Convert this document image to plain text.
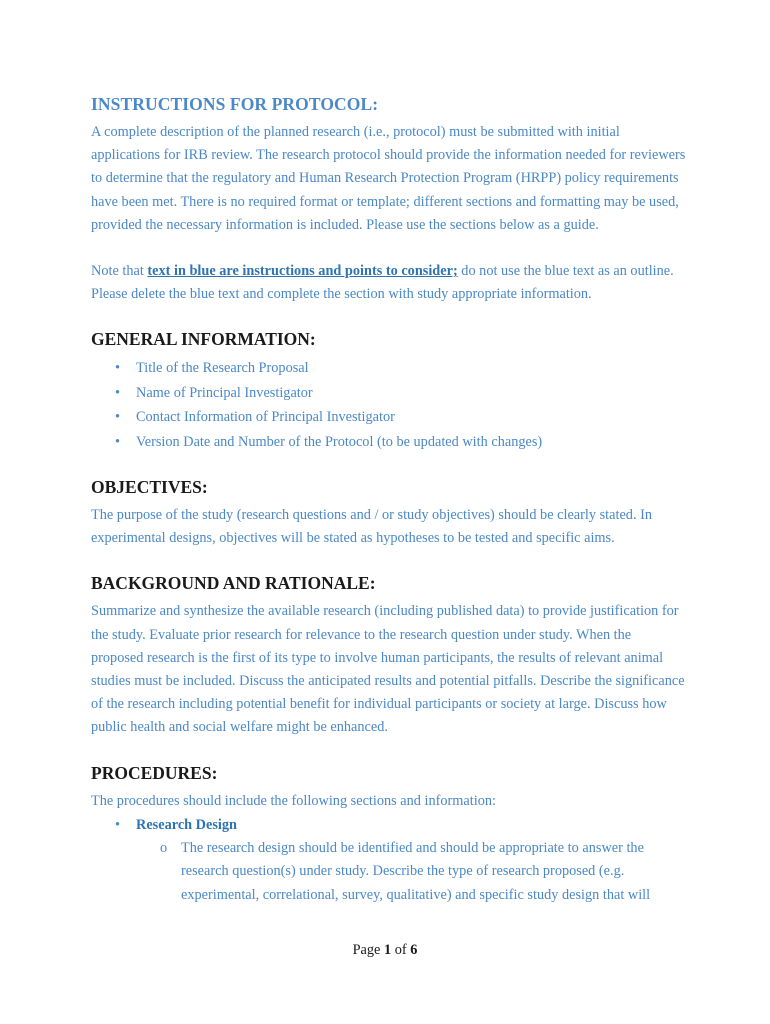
INSTRUCTIONS FOR PROTOCOL:

A complete description of the planned research (i.e., protocol) must be submitted with initial applications for IRB review. The research protocol should provide the information needed for reviewers to determine that the regulatory and Human Research Protection Program (HRPP) policy requirements have been met. There is no required format or template; different sections and formatting may be used, provided the necessary information is included. Please use the sections below as a guide.

Note that text in blue are instructions and points to consider; do not use the blue text as an outline. Please delete the blue text and complete the section with study appropriate information.

GENERAL INFORMATION:
• Title of the Research Proposal
• Name of Principal Investigator
• Contact Information of Principal Investigator
• Version Date and Number of the Protocol (to be updated with changes)
OBJECTIVES:

The purpose of the study (research questions and / or study objectives) should be clearly stated. In experimental designs, objectives will be stated as hypotheses to be tested and specific aims.

BACKGROUND AND RATIONALE:

Summarize and synthesize the available research (including published data) to provide justification for the study. Evaluate prior research for relevance to the research question under study. When the proposed research is the first of its type to involve human participants, the results of relevant animal studies must be included. Discuss the anticipated results and potential pitfalls. Describe the significance of the research including potential benefit for individual participants or society at large. Discuss how public health and social welfare might be enhanced.

PROCEDURES:

The procedures should include the following sections and information:

• Research Design
o The research design should be identified and should be appropriate to answer the research question(s) under study. Describe the type of research proposed (e.g. experimental, correlational, survey, qualitative) and specific study design that will
Page 1 of 6
